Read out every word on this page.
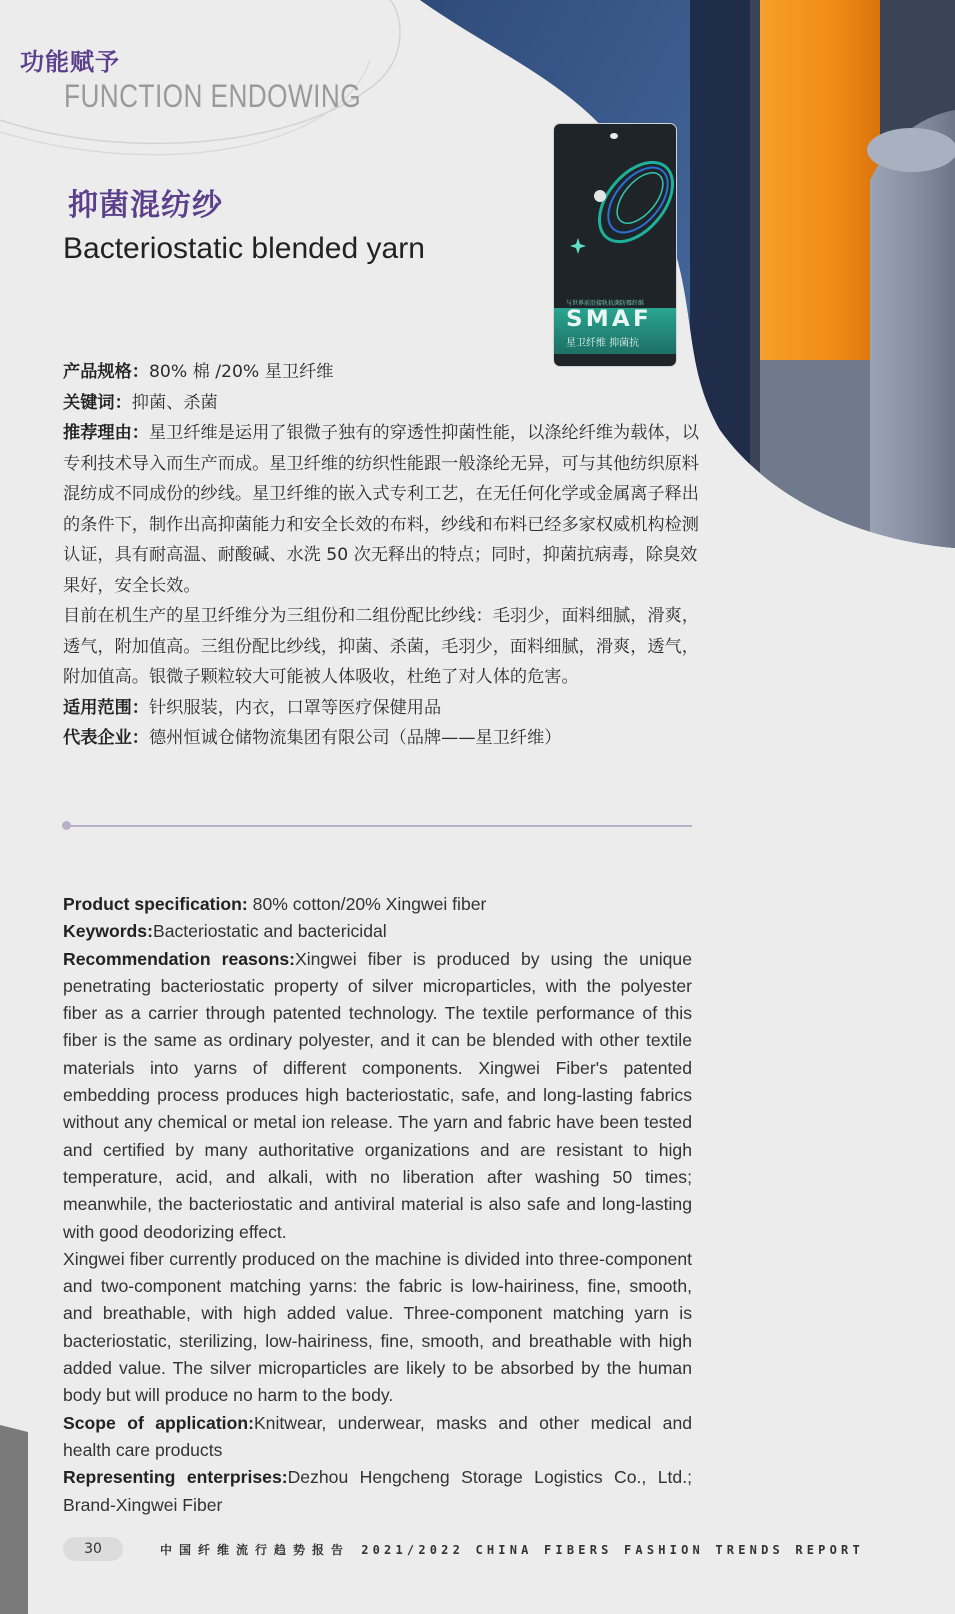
功能赋予
FUNCTION ENDOWING
与世界前沿接轨抗菌防霉纤维
SMAF
星卫纤维 抑菌抗
抑菌混纺纱
Bacteriostatic blended yarn

产品规格：80% 棉 /20% 星卫纤维

关键词：抑菌、杀菌

推荐理由：星卫纤维是运用了银微子独有的穿透性抑菌性能，以涤纶纤维为载体，以专利技术导入而生产而成。星卫纤维的纺织性能跟一般涤纶无异，可与其他纺织原料混纺成不同成份的纱线。星卫纤维的嵌入式专利工艺，在无任何化学或金属离子释出的条件下，制作出高抑菌能力和安全长效的布料，纱线和布料已经多家权威机构检测认证，具有耐高温、耐酸碱、水洗 50 次无释出的特点；同时，抑菌抗病毒，除臭效果好，安全长效。

目前在机生产的星卫纤维分为三组份和二组份配比纱线：毛羽少，面料细腻，滑爽，透气，附加值高。三组份配比纱线，抑菌、杀菌，毛羽少，面料细腻，滑爽，透气，附加值高。银微子颗粒较大可能被人体吸收，杜绝了对人体的危害。

适用范围：针织服装，内衣，口罩等医疗保健用品

代表企业：德州恒诚仓储物流集团有限公司（品牌——星卫纤维）

Product specification: 80% cotton/20% Xingwei fiber

Keywords:Bacteriostatic and bactericidal

Recommendation reasons:Xingwei fiber is produced by using the unique penetrating bacteriostatic property of silver microparticles, with the polyester fiber as a carrier through patented technology. The textile performance of this fiber is the same as ordinary polyester, and it can be blended with other textile materials into yarns of different components. Xingwei Fiber's patented embedding process produces high bacteriostatic, safe, and long-lasting fabrics without any chemical or metal ion release. The yarn and fabric have been tested and certified by many authoritative organizations and are resistant to high temperature, acid, and alkali, with no liberation after washing 50 times; meanwhile, the bacteriostatic and antiviral material is also safe and long-lasting with good deodorizing effect.

Xingwei fiber currently produced on the machine is divided into three-component and two-component matching yarns: the fabric is low-hairiness, fine, smooth, and breathable, with high added value. Three-component matching yarn is bacteriostatic, sterilizing, low-hairiness, fine, smooth, and breathable with high added value. The silver microparticles are likely to be absorbed by the human body but will produce no harm to the body.

Scope of application:Knitwear, underwear, masks and other medical and health care products

Representing enterprises:Dezhou Hengcheng Storage Logistics Co., Ltd.; Brand-Xingwei Fiber

30	中国纤维流行趋势报告 2021/2022 CHINA FIBERS FASHION TRENDS REPORT
